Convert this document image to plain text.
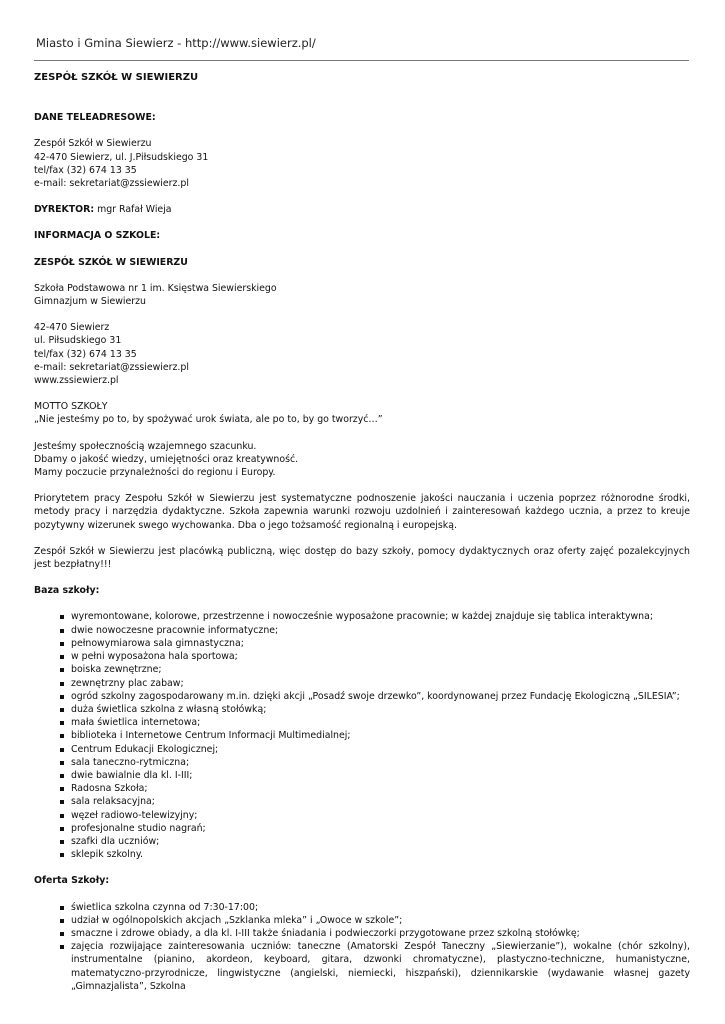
Miasto i Gmina Siewierz - http://www.siewierz.pl/

ZESPÓŁ SZKÓŁ W SIEWIERZU

DANE TELEADRESOWE:

Zespół Szkół w Siewierzu
42-470 Siewierz, ul. J.Piłsudskiego 31
tel/fax (32) 674 13 35
e-mail: sekretariat@zssiewierz.pl

DYREKTOR: mgr Rafał Wieja

INFORMACJA O SZKOLE:

ZESPÓŁ SZKÓŁ W SIEWIERZU

Szkoła Podstawowa nr 1 im. Księstwa Siewierskiego
Gimnazjum w Siewierzu
42-470 Siewierz
ul. Piłsudskiego 31
tel/fax (32) 674 13 35
e-mail: sekretariat@zssiewierz.pl
www.zssiewierz.pl
MOTTO SZKOŁY
„Nie jesteśmy po to, by spożywać urok świata, ale po to, by go tworzyć…”
Jesteśmy społecznością wzajemnego szacunku.
Dbamy o jakość wiedzy, umiejętności oraz kreatywność.
Mamy poczucie przynależności do regionu i Europy.

Priorytetem pracy Zespołu Szkół w Siewierzu jest systematyczne podnoszenie jakości nauczania i uczenia poprzez różnorodne środki, metody pracy i narzędzia dydaktyczne. Szkoła zapewnia warunki rozwoju uzdolnień i zainteresowań każdego ucznia, a przez to kreuje pozytywny wizerunek swego wychowanka. Dba o jego tożsamość regionalną i europejską.

Zespół Szkół w Siewierzu jest placówką publiczną, więc dostęp do bazy szkoły, pomocy dydaktycznych oraz oferty zajęć pozalekcyjnych jest bezpłatny!!!

Baza szkoły:

wyremontowane, kolorowe, przestrzenne i nowocześnie wyposażone pracownie; w każdej znajduje się tablica interaktywna;
dwie nowoczesne pracownie informatyczne;
pełnowymiarowa sala gimnastyczna;
w pełni wyposażona hala sportowa;
boiska zewnętrzne;
zewnętrzny plac zabaw;
ogród szkolny zagospodarowany m.in. dzięki akcji „Posadź swoje drzewko”, koordynowanej przez Fundację Ekologiczną „SILESIA”;
duża świetlica szkolna z własną stołówką;
mała świetlica internetowa;
biblioteka i Internetowe Centrum Informacji Multimedialnej;
Centrum Edukacji Ekologicznej;
sala taneczno-rytmiczna;
dwie bawialnie dla kl. I-III;
Radosna Szkoła;
sala relaksacyjna;
węzeł radiowo-telewizyjny;
profesjonalne studio nagrań;
szafki dla uczniów;
sklepik szkolny.

Oferta Szkoły:

świetlica szkolna czynna od 7:30-17:00;
udział w ogólnopolskich akcjach „Szklanka mleka” i „Owoce w szkole”;
smaczne i zdrowe obiady, a dla kl. I-III także śniadania i podwieczorki przygotowane przez szkolną stołówkę;
zajęcia rozwijające zainteresowania uczniów: taneczne (Amatorski Zespół Taneczny „Siewierzanie”), wokalne (chór szkolny), instrumentalne (pianino, akordeon, keyboard, gitara, dzwonki chromatyczne), plastyczno-techniczne, humanistyczne, matematyczno-przyrodnicze, lingwistyczne (angielski, niemiecki, hiszpański), dziennikarskie (wydawanie własnej gazety „Gimnazjalista”, Szkolna
